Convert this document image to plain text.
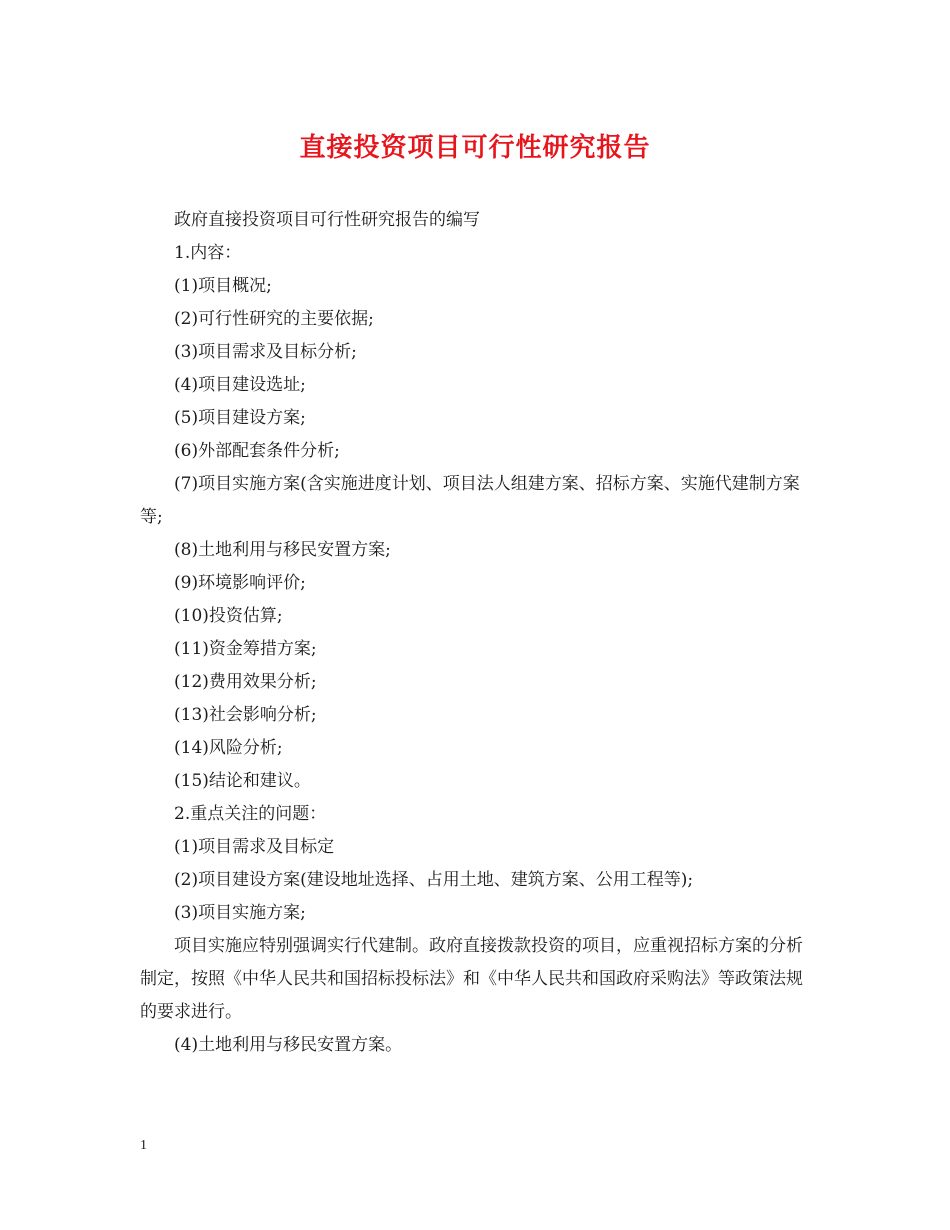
直接投资项目可行性研究报告

政府直接投资项目可行性研究报告的编写

1.内容：

(1)项目概况;

(2)可行性研究的主要依据;

(3)项目需求及目标分析;

(4)项目建设选址;

(5)项目建设方案;

(6)外部配套条件分析;

(7)项目实施方案(含实施进度计划、项目法人组建方案、招标方案、实施代建制方案等;

(8)土地利用与移民安置方案;

(9)环境影响评价;

(10)投资估算;

(11)资金筹措方案;

(12)费用效果分析;

(13)社会影响分析;

(14)风险分析;

(15)结论和建议。

2.重点关注的问题：

(1)项目需求及目标定

(2)项目建设方案(建设地址选择、占用土地、建筑方案、公用工程等);

(3)项目实施方案;

项目实施应特别强调实行代建制。政府直接拨款投资的项目，应重视招标方案的分析制定，按照《中华人民共和国招标投标法》和《中华人民共和国政府采购法》等政策法规的要求进行。

(4)土地利用与移民安置方案。

1
